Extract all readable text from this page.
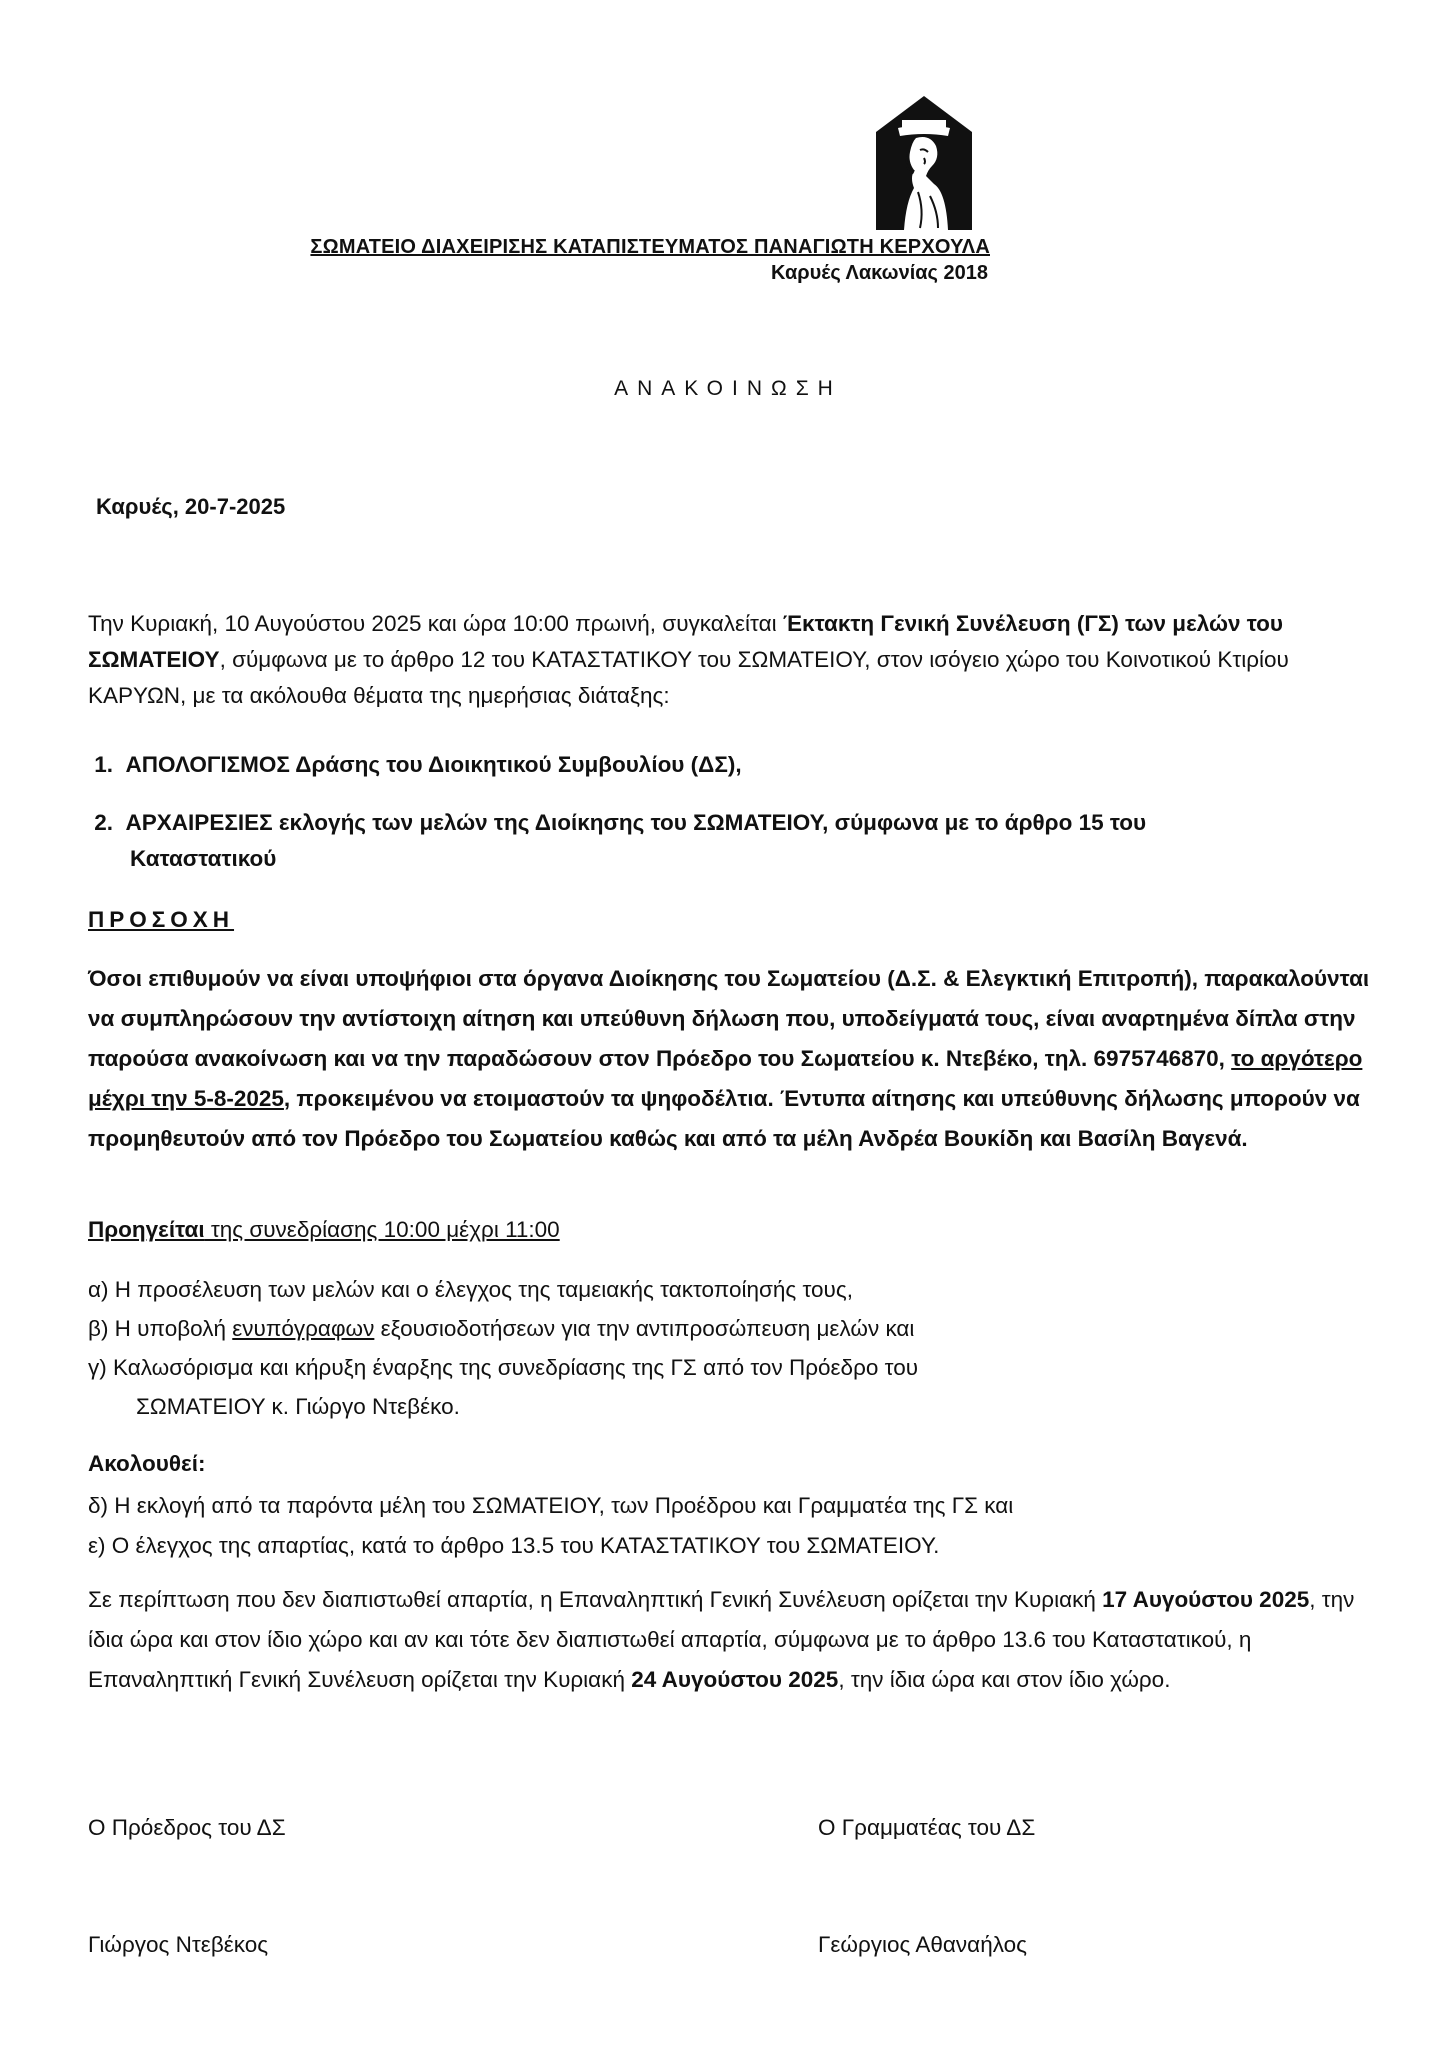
ΣΩΜΑΤΕΙΟ ΔΙΑΧΕΙΡΙΣΗΣ ΚΑΤΑΠΙΣΤΕΥΜΑΤΟΣ ΠΑΝΑΓΙΩΤΗ ΚΕΡΧΟΥΛΑ
Καρυές Λακωνίας 2018
ΑΝΑΚΟΙΝΩΣΗ
Καρυές, 20-7-2025
Την Κυριακή, 10 Αυγούστου 2025 και ώρα 10:00 πρωινή, συγκαλείται Έκτακτη Γενική Συνέλευση (ΓΣ) των μελών του ΣΩΜΑΤΕΙΟΥ, σύμφωνα με το άρθρο 12 του ΚΑΤΑΣΤΑΤΙΚΟΥ του ΣΩΜΑΤΕΙΟΥ, στον ισόγειο χώρο του Κοινοτικού Κτιρίου ΚΑΡΥΩΝ, με τα ακόλουθα θέματα της ημερήσιας διάταξης:
1. ΑΠΟΛΟΓΙΣΜΟΣ Δράσης του Διοικητικού Συμβουλίου (ΔΣ),
2. ΑΡΧΑΙΡΕΣΙΕΣ εκλογής των μελών της Διοίκησης του ΣΩΜΑΤΕΙΟΥ, σύμφωνα με το άρθρο 15 του
Καταστατικού
ΠΡΟΣΟΧΗ
Όσοι επιθυμούν να είναι υποψήφιοι στα όργανα Διοίκησης του Σωματείου (Δ.Σ. & Ελεγκτική Επιτροπή), παρακαλούνται να συμπληρώσουν την αντίστοιχη αίτηση και υπεύθυνη δήλωση που, υποδείγματά τους, είναι αναρτημένα δίπλα στην παρούσα ανακοίνωση και να την παραδώσουν στον Πρόεδρο του Σωματείου κ. Ντεβέκο, τηλ. 6975746870, το αργότερο μέχρι την 5-8-2025, προκειμένου να ετοιμαστούν τα ψηφοδέλτια. Έντυπα αίτησης και υπεύθυνης δήλωσης μπορούν να προμηθευτούν από τον Πρόεδρο του Σωματείου καθώς και από τα μέλη Ανδρέα Βουκίδη και Βασίλη Βαγενά.
Προηγείται της συνεδρίασης 10:00 μέχρι 11:00
α) Η προσέλευση των μελών και ο έλεγχος της ταμειακής τακτοποίησής τους,
β) Η υποβολή ενυπόγραφων εξουσιοδοτήσεων για την αντιπροσώπευση μελών και
γ) Καλωσόρισμα και κήρυξη έναρξης της συνεδρίασης της ΓΣ από τον Πρόεδρο του
ΣΩΜΑΤΕΙΟΥ κ. Γιώργο Ντεβέκο.
Ακολουθεί:
δ) Η εκλογή από τα παρόντα μέλη του ΣΩΜΑΤΕΙΟΥ, των Προέδρου και Γραμματέα της ΓΣ και
ε) Ο έλεγχος της απαρτίας, κατά το άρθρο 13.5 του ΚΑΤΑΣΤΑΤΙΚΟΥ του ΣΩΜΑΤΕΙΟΥ.
Σε περίπτωση που δεν διαπιστωθεί απαρτία, η Επαναληπτική Γενική Συνέλευση ορίζεται την Κυριακή 17 Αυγούστου 2025, την ίδια ώρα και στον ίδιο χώρο και αν και τότε δεν διαπιστωθεί απαρτία, σύμφωνα με το άρθρο 13.6 του Καταστατικού, η Επαναληπτική Γενική Συνέλευση ορίζεται την Κυριακή 24 Αυγούστου 2025, την ίδια ώρα και στον ίδιο χώρο.
Ο Πρόεδρος του ΔΣ	Ο Γραμματέας του ΔΣ
Γιώργος Ντεβέκος	Γεώργιος Αθαναήλος
